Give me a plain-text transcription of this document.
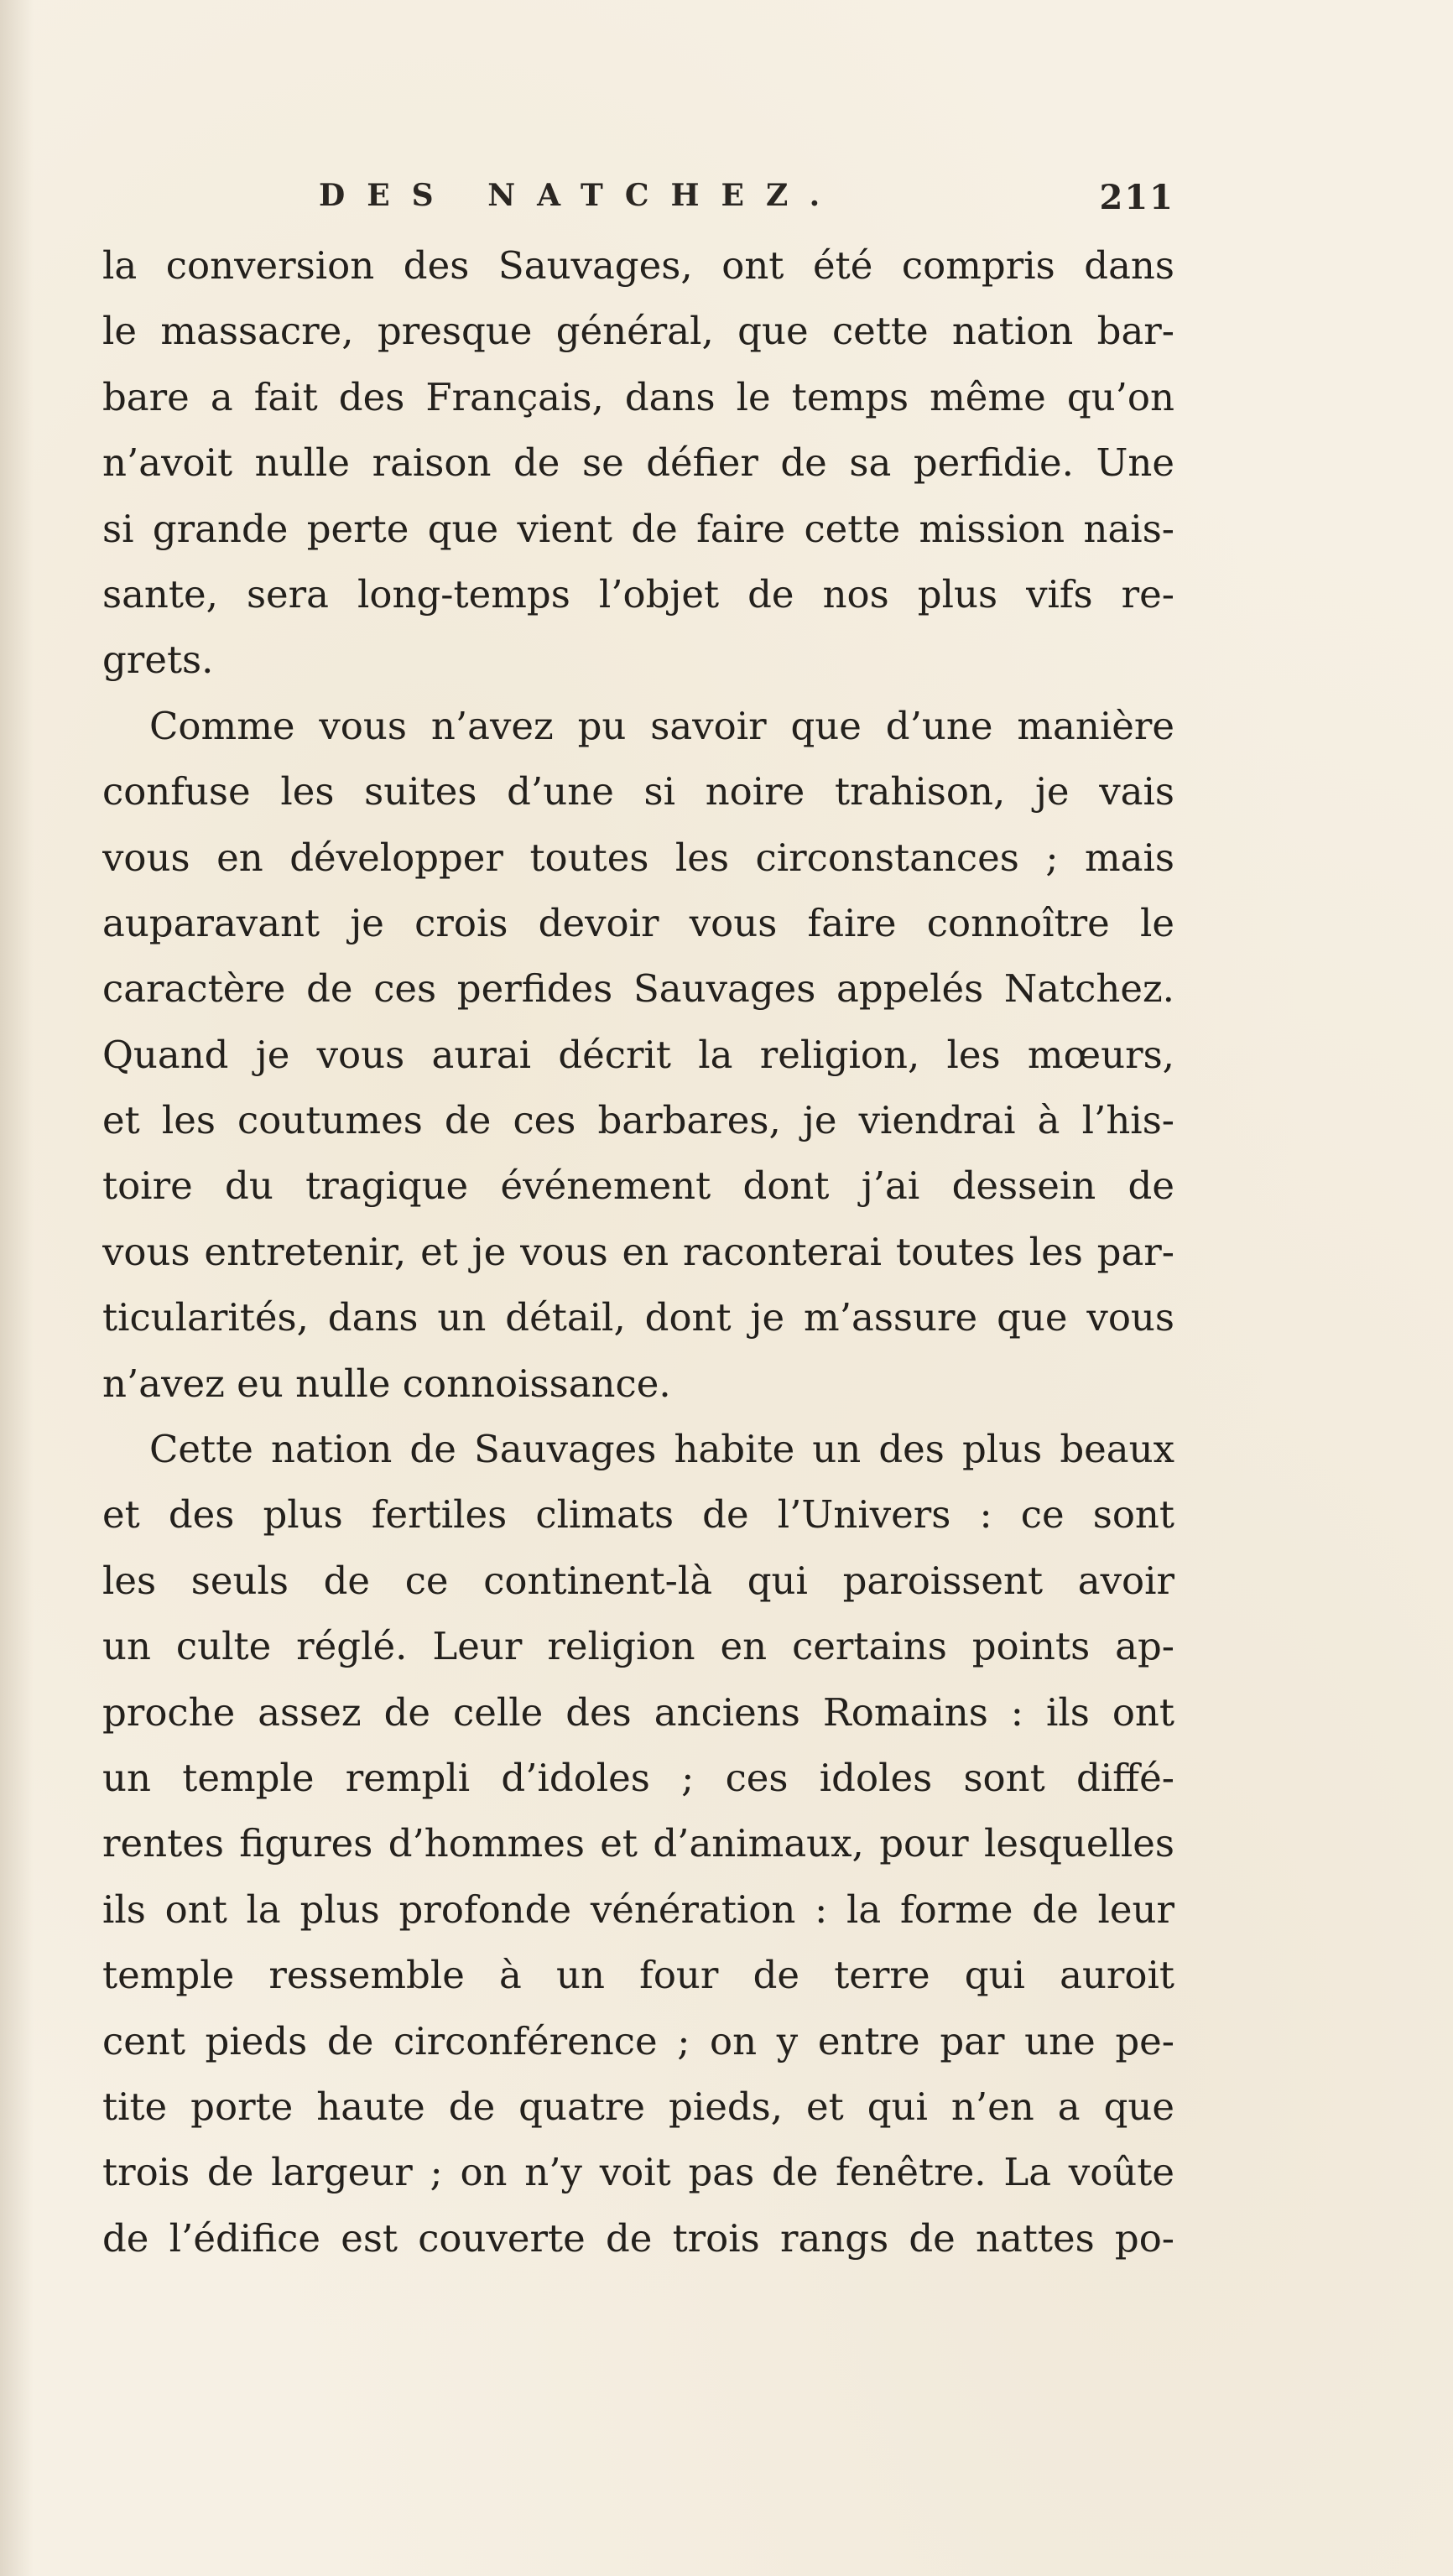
DES NATCHEZ.	211
la conversion des Sauvages, ont été compris dans
le massacre, presque général, que cette nation bar-
bare a fait des Français, dans le temps même qu’on
n’avoit nulle raison de se défier de sa perfidie. Une
si grande perte que vient de faire cette mission nais-
sante, sera long-temps l’objet de nos plus vifs re-
grets.
Comme vous n’avez pu savoir que d’une manière
confuse les suites d’une si noire trahison, je vais
vous en développer toutes les circonstances ; mais
auparavant je crois devoir vous faire connoître le
caractère de ces perfides Sauvages appelés Natchez.
Quand je vous aurai décrit la religion, les mœurs,
et les coutumes de ces barbares, je viendrai à l’his-
toire du tragique événement dont j’ai dessein de
vous entretenir, et je vous en raconterai toutes les par-
ticularités, dans un détail, dont je m’assure que vous
n’avez eu nulle connoissance.
Cette nation de Sauvages habite un des plus beaux
et des plus fertiles climats de l’Univers : ce sont
les seuls de ce continent-là qui paroissent avoir
un culte réglé. Leur religion en certains points ap-
proche assez de celle des anciens Romains : ils ont
un temple rempli d’idoles ; ces idoles sont diffé-
rentes figures d’hommes et d’animaux, pour lesquelles
ils ont la plus profonde vénération : la forme de leur
temple ressemble à un four de terre qui auroit
cent pieds de circonférence ; on y entre par une pe-
tite porte haute de quatre pieds, et qui n’en a que
trois de largeur ; on n’y voit pas de fenêtre. La voûte
de l’édifice est couverte de trois rangs de nattes po-
